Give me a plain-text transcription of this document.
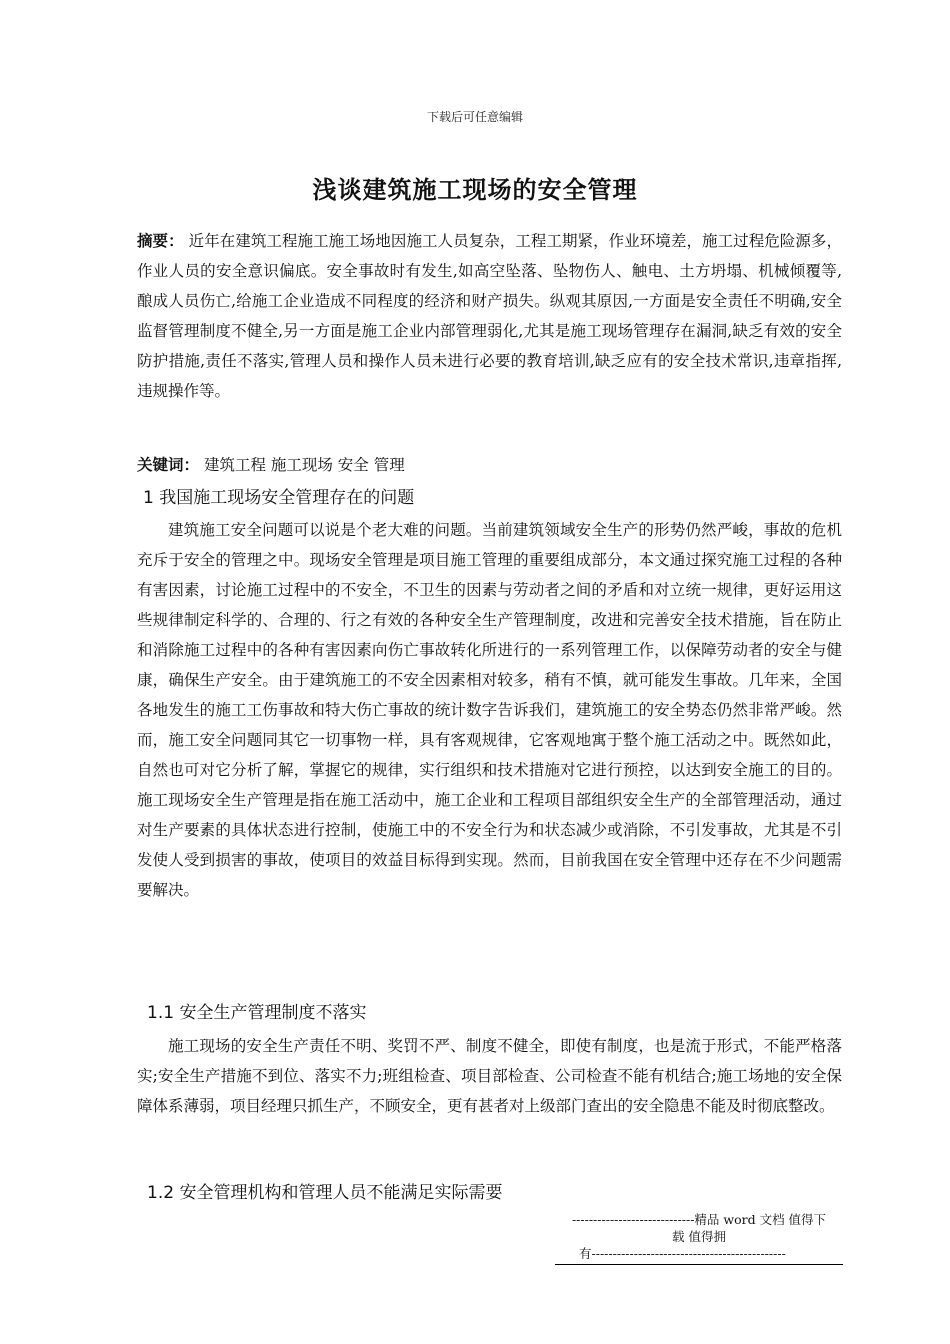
下载后可任意编辑
浅谈建筑施工现场的安全管理
摘要： 近年在建筑工程施工施工场地因施工人员复杂，工程工期紧，作业环境差，施工过程危险源多，作业人员的安全意识偏底。安全事故时有发生,如高空坠落、坠物伤人、触电、土方坍塌、机械倾覆等,酿成人员伤亡,给施工企业造成不同程度的经济和财产损失。纵观其原因,一方面是安全责任不明确,安全监督管理制度不健全,另一方面是施工企业内部管理弱化,尤其是施工现场管理存在漏洞,缺乏有效的安全防护措施,责任不落实,管理人员和操作人员未进行必要的教育培训,缺乏应有的安全技术常识,违章指挥,违规操作等。
关键词： 建筑工程 施工现场 安全 管理
1 我国施工现场安全管理存在的问题
建筑施工安全问题可以说是个老大难的问题。当前建筑领域安全生产的形势仍然严峻，事故的危机充斥于安全的管理之中。现场安全管理是项目施工管理的重要组成部分，本文通过探究施工过程的各种有害因素，讨论施工过程中的不安全，不卫生的因素与劳动者之间的矛盾和对立统一规律，更好运用这些规律制定科学的、合理的、行之有效的各种安全生产管理制度，改进和完善安全技术措施，旨在防止和消除施工过程中的各种有害因素向伤亡事故转化所进行的一系列管理工作，以保障劳动者的安全与健康，确保生产安全。由于建筑施工的不安全因素相对较多，稍有不慎，就可能发生事故。几年来，全国各地发生的施工工伤事故和特大伤亡事故的统计数字告诉我们，建筑施工的安全势态仍然非常严峻。然而，施工安全问题同其它一切事物一样，具有客观规律，它客观地寓于整个施工活动之中。既然如此，自然也可对它分析了解，掌握它的规律，实行组织和技术措施对它进行预控，以达到安全施工的目的。施工现场安全生产管理是指在施工活动中，施工企业和工程项目部组织安全生产的全部管理活动，通过对生产要素的具体状态进行控制，使施工中的不安全行为和状态减少或消除，不引发事故，尤其是不引发使人受到损害的事故，使项目的效益目标得到实现。然而，目前我国在安全管理中还存在不少问题需要解决。
1.1 安全生产管理制度不落实
施工现场的安全生产责任不明、奖罚不严、制度不健全，即使有制度，也是流于形式，不能严格落实;安全生产措施不到位、落实不力;班组检查、项目部检查、公司检查不能有机结合;施工场地的安全保障体系薄弱，项目经理只抓生产，不顾安全，更有甚者对上级部门查出的安全隐患不能及时彻底整改。
1.2 安全管理机构和管理人员不能满足实际需要
-----------------------------精品 word 文档 值得下
载 值得拥
有----------------------------------------------
